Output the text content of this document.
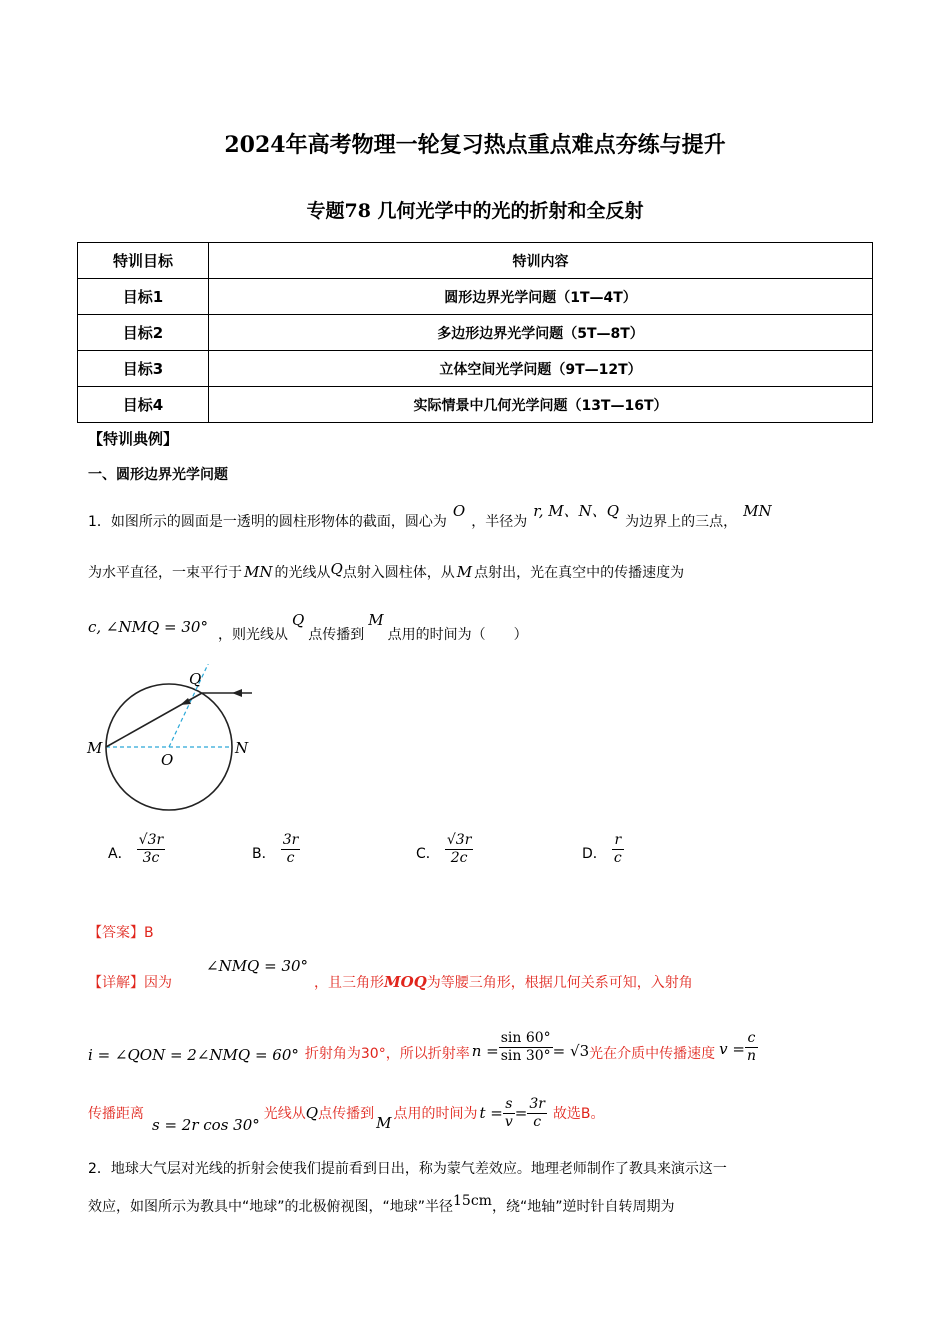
2024年高考物理一轮复习热点重点难点夯练与提升
专题78 几何光学中的光的折射和全反射
特训目标	特训内容
目标1	圆形边界光学问题（1T—4T）
目标2	多边形边界光学问题（5T—8T）
目标3	立体空间光学问题（9T—12T）
目标4	实际情景中几何光学问题（13T—16T）
【特训典例】
一、圆形边界光学问题
1．如图所示的圆面是一透明的圆柱形物体的截面，圆心为O，半径为r, M、N、Q为边界上的三点，MN
为水平直径，一束平行于 MN 的光线从Q点射入圆柱体，从 M 点射出，光在真空中的传播速度为
c, ∠NMQ = 30° ，则光线从Q点传播到M点用的时间为（　　）
Q
M	N
O
A． $\frac{√3r}{3c}$	B． $\frac{3r}{c}$	C． $\frac{√3r}{2c}$	D． $\frac{r}{c}$
【答案】B
【详解】因为∠NMQ = 30°，且三角形MOQ为等腰三角形，根据几何关系可知，入射角
i = ∠QON = 2∠NMQ = 60° 折射角为30°，所以折射率 $n = \frac{\sin 60^\circ}{\sin 30^\circ} = √3$光在介质中传播速度 $v = \frac{c}{n}$
传播距离s = 2r cos 30°光线从Q点传播到 M 点用的时间为 $t = \frac{s}{v} = \frac{3r}{c}$ 故选B。
2．地球大气层对光线的折射会使我们提前看到日出，称为蒙气差效应。地理老师制作了教具来演示这一
效应，如图所示为教具中“地球”的北极俯视图，“地球”半径15cm，绕“地轴”逆时针自转周期为
